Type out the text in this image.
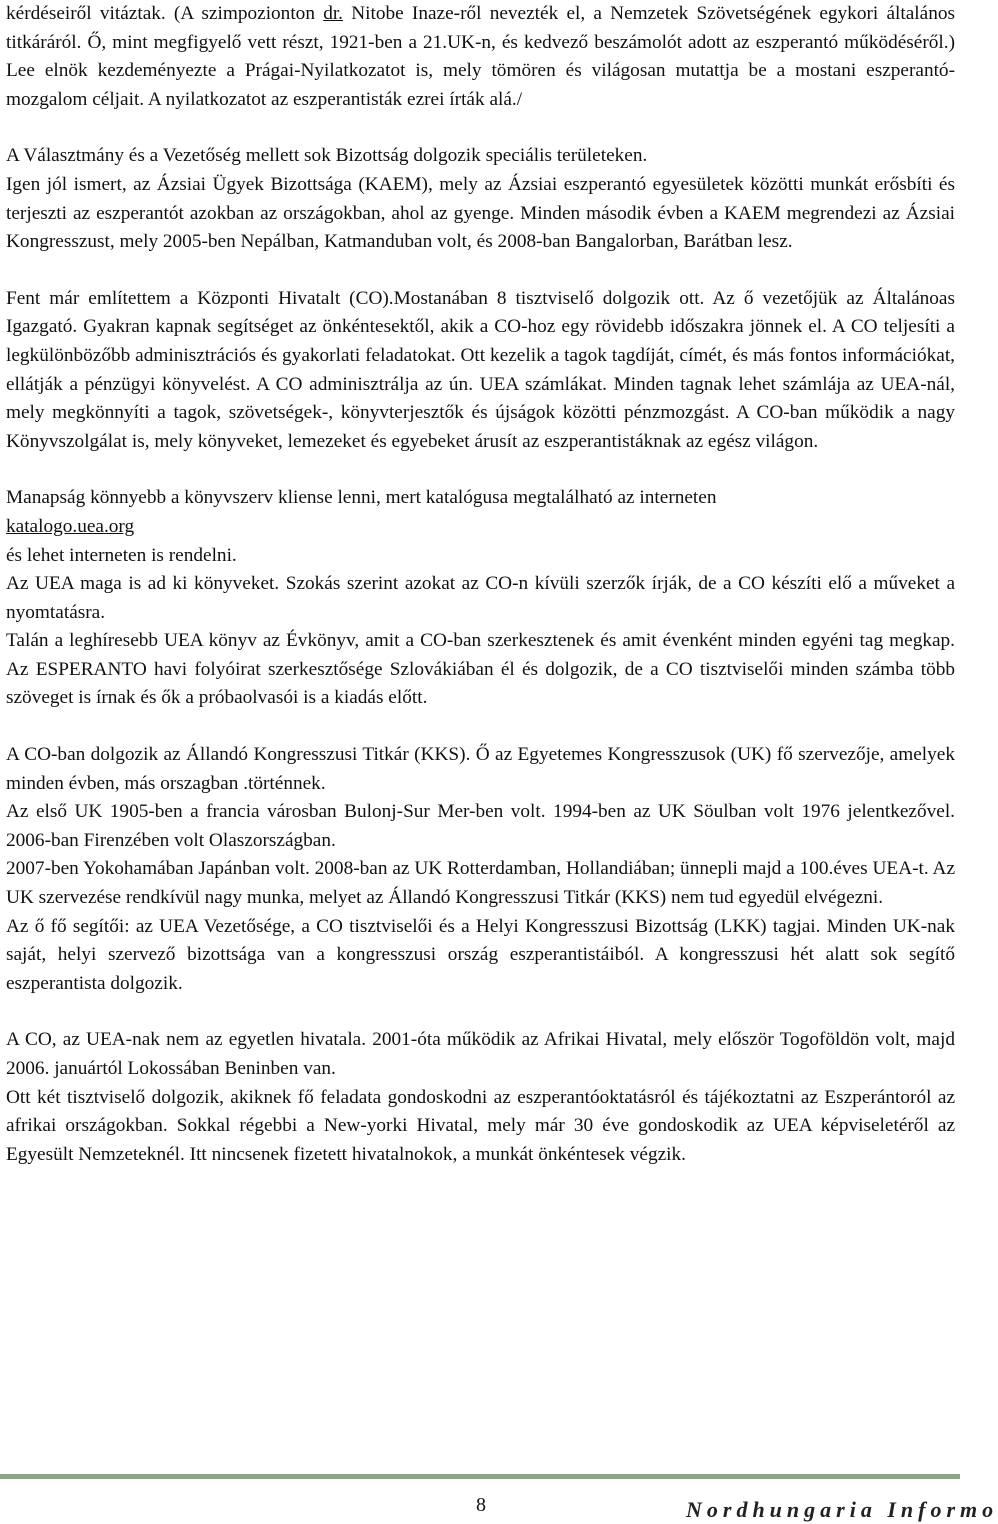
kérdéseiről vitáztak. (A szimpozionton dr. Nitobe Inaze-ről nevezték el, a Nemzetek Szövetségének egykori általános titkáráról. Ő, mint megfigyelő vett részt, 1921-ben a 21.UK-n, és kedvező beszámolót adott az eszperantó működéséről.) Lee elnök kezdeményezte a Prágai-Nyilatkozatot is, mely tömören és világosan mutattja be a mostani eszperantó-mozgalom céljait. A nyilatkozatot az eszperantisták ezrei írták alá./

A Választmány és a Vezetőség mellett sok Bizottság dolgozik speciális területeken.

Igen jól ismert, az Ázsiai Ügyek Bizottsága (KAEM), mely az Ázsiai eszperantó egyesületek közötti munkát erősbíti és terjeszti az eszperantót azokban az országokban, ahol az gyenge. Minden második évben a KAEM megrendezi az Ázsiai Kongresszust, mely 2005-ben Nepálban, Katmanduban volt, és 2008-ban Bangalorban, Barátban lesz.

Fent már említettem a Központi Hivatalt (CO).Mostanában 8 tisztviselő dolgozik ott. Az ő vezetőjük az Általánoas Igazgató. Gyakran kapnak segítséget az önkéntesektől, akik a CO-hoz egy rövidebb időszakra jönnek el. A CO teljesíti a legkülönbözőbb adminisztrációs és gyakorlati feladatokat. Ott kezelik a tagok tagdíját, címét, és más fontos információkat, ellátják a pénzügyi könyvelést. A CO adminisztrálja az ún. UEA számlákat. Minden tagnak lehet számlája az UEA-nál, mely megkönnyíti a tagok, szövetségek-, könyvterjesztők és újságok közötti pénzmozgást. A CO-ban működik a nagy Könyvszolgálat is, mely könyveket, lemezeket és egyebeket árusít az eszperantistáknak az egész világon.

Manapság könnyebb a könyvszerv kliense lenni, mert katalógusa megtalálható az interneten

katalogo.uea.org

és lehet interneten is rendelni.

Az UEA maga is ad ki könyveket. Szokás szerint azokat az CO-n kívüli szerzők írják, de a CO készíti elő a műveket a nyomtatásra.

Talán a leghíresebb UEA könyv az Évkönyv, amit a CO-ban szerkesztenek és amit évenként minden egyéni tag megkap. Az ESPERANTO havi folyóirat szerkesztősége Szlovákiában él és dolgozik, de a CO tisztviselői minden számba több szöveget is írnak és ők a próbaolvasói is a kiadás előtt.

A CO-ban dolgozik az Állandó Kongresszusi Titkár (KKS). Ő az Egyetemes Kongresszusok (UK) fő szervezője, amelyek minden évben, más orszagban .történnek.

Az első UK 1905-ben a francia városban Bulonj-Sur Mer-ben volt. 1994-ben az UK Söulban volt 1976 jelentkezővel. 2006-ban Firenzében volt Olaszországban.

2007-ben Yokohamában Japánban volt. 2008-ban az UK Rotterdamban, Hollandiában; ünnepli majd a 100.éves UEA-t. Az UK szervezése rendkívül nagy munka, melyet az Állandó Kongresszusi Titkár (KKS) nem tud egyedül elvégezni.

Az ő fő segítői: az UEA Vezetősége, a CO tisztviselői és a Helyi Kongresszusi Bizottság (LKK) tagjai. Minden UK-nak saját, helyi szervező bizottsága van a kongresszusi ország eszperantistáiból. A kongresszusi hét alatt sok segítő eszperantista dolgozik.

A CO, az UEA-nak nem az egyetlen hivatala. 2001-óta működik az Afrikai Hivatal, mely először Togoföldön volt, majd 2006. januártól Lokossában Beninben van.

Ott két tisztviselő dolgozik, akiknek fő feladata gondoskodni az eszperantóoktatásról és tájékoztatni az Eszperántoról az afrikai országokban. Sokkal régebbi a New-yorki Hivatal, mely már 30 éve gondoskodik az UEA képviseletéről az Egyesült Nemzeteknél. Itt nincsenek fizetett hivatalnokok, a munkát önkéntesek végzik.

8	Nordhungaria Informo
